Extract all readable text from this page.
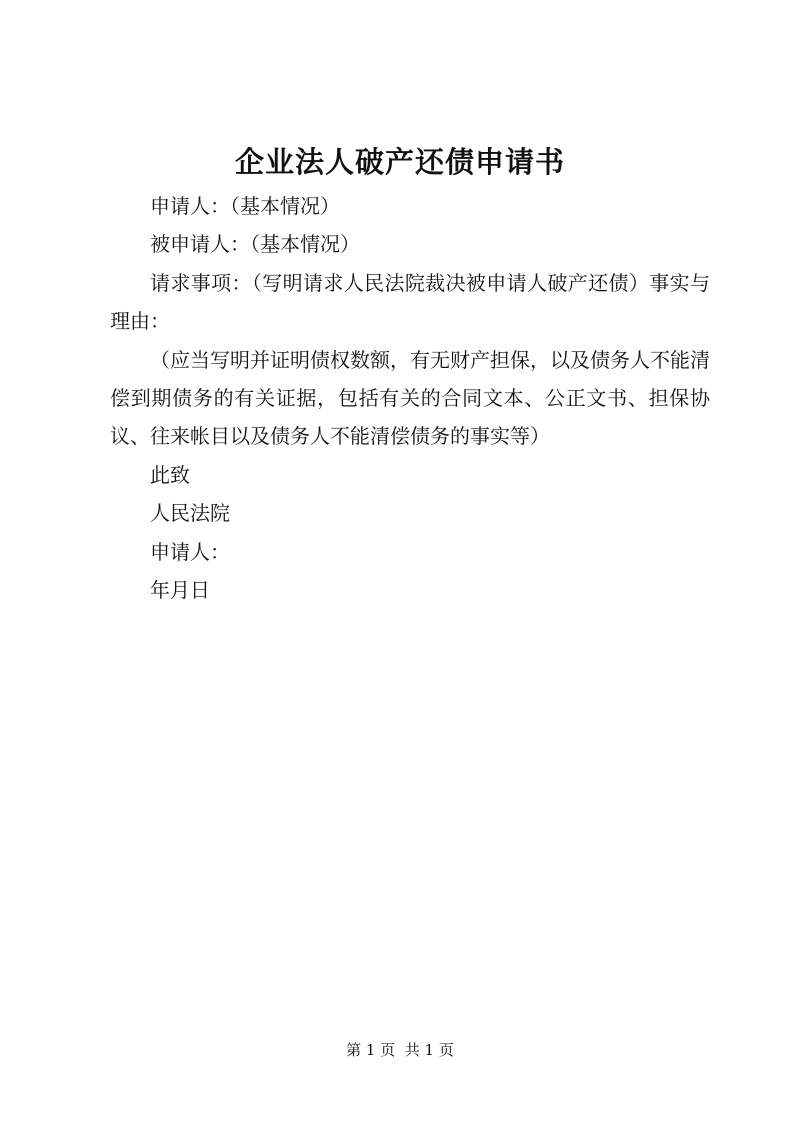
企业法人破产还债申请书

申请人：（基本情况）

被申请人：（基本情况）

请求事项：（写明请求人民法院裁决被申请人破产还债）事实与理由：

（应当写明并证明债权数额，有无财产担保，以及债务人不能清偿到期债务的有关证据，包括有关的合同文本、公正文书、担保协议、往来帐目以及债务人不能清偿债务的事实等）

此致

人民法院

申请人：

年月日

第 1 页  共 1 页
